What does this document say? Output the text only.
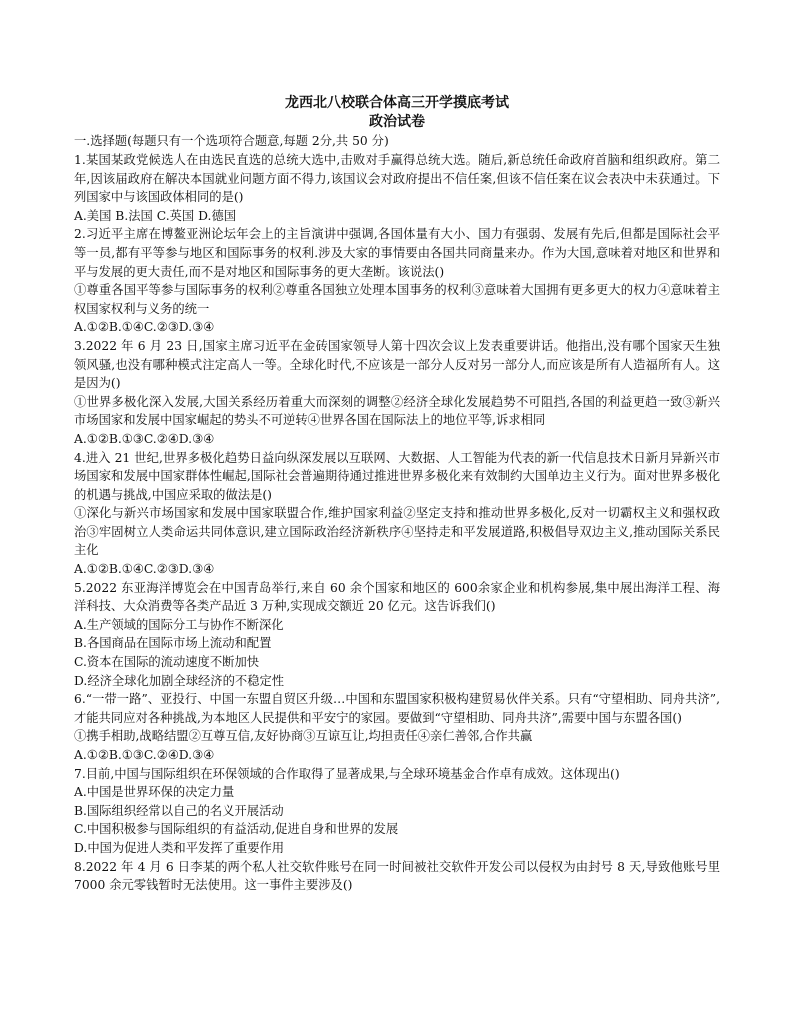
龙西北八校联合体高三开学摸底考试

政治试卷

一.选择题(每题只有一个选项符合题意,每题 2分,共 50 分)

1.某国某政党候选人在由选民直选的总统大选中,击败对手赢得总统大选。随后,新总统任命政府首脑和组织政府。第二年,因该届政府在解决本国就业问题方面不得力,该国议会对政府提出不信任案,但该不信任案在议会表决中未获通过。下列国家中与该国政体相同的是()

A.美国 B.法国 C.英国 D.德国

2.习近平主席在博鳌亚洲论坛年会上的主旨演讲中强调,各国体量有大小、国力有强弱、发展有先后,但都是国际社会平等一员,都有平等参与地区和国际事务的权利.涉及大家的事情要由各国共同商量来办。作为大国,意味着对地区和世界和平与发展的更大责任,而不是对地区和国际事务的更大垄断。该说法()

①尊重各国平等参与国际事务的权利②尊重各国独立处理本国事务的权利③意味着大国拥有更多更大的权力④意味着主权国家权利与义务的统一

A.①②B.①④C.②③D.③④

3.2022 年 6 月 23 日,国家主席习近平在金砖国家领导人第十四次会议上发表重要讲话。他指出,没有哪个国家天生独领风骚,也没有哪种模式注定高人一等。全球化时代,不应该是一部分人反对另一部分人,而应该是所有人造福所有人。这是因为()

①世界多极化深入发展,大国关系经历着重大而深刻的调整②经济全球化发展趋势不可阻挡,各国的利益更趋一致③新兴市场国家和发展中国家崛起的势头不可逆转④世界各国在国际法上的地位平等,诉求相同

A.①②B.①③C.②④D.③④

4.进入 21 世纪,世界多极化趋势日益向纵深发展以互联网、大数据、人工智能为代表的新一代信息技术日新月异新兴市场国家和发展中国家群体性崛起,国际社会普遍期待通过推进世界多极化来有效制约大国单边主义行为。面对世界多极化的机遇与挑战,中国应采取的做法是()

①深化与新兴市场国家和发展中国家联盟合作,维护国家利益②坚定支持和推动世界多极化,反对一切霸权主义和强权政治③牢固树立人类命运共同体意识,建立国际政治经济新秩序④坚持走和平发展道路,积极倡导双边主义,推动国际关系民主化

A.①②B.①④C.②③D.③④

5.2022 东亚海洋博览会在中国青岛举行,来自 60 余个国家和地区的 600余家企业和机构参展,集中展出海洋工程、海洋科技、大众消费等各类产品近 3 万种,实现成交额近 20 亿元。这告诉我们()

A.生产领域的国际分工与协作不断深化

B.各国商品在国际市场上流动和配置

C.资本在国际的流动速度不断加快

D.经济全球化加剧全球经济的不稳定性

6.“一带一路”、亚投行、中国一东盟自贸区升级…中国和东盟国家积极构建贸易伙伴关系。只有“守望相助、同舟共济”,才能共同应对各种挑战,为本地区人民提供和平安宁的家园。要做到“守望相助、同舟共济”,需要中国与东盟各国()

①携手相助,战略结盟②互尊互信,友好协商③互谅互让,均担责任④亲仁善邻,合作共赢

A.①②B.①③C.②④D.③④

7.目前,中国与国际组织在环保领域的合作取得了显著成果,与全球环境基金合作卓有成效。这体现出()

A.中国是世界环保的决定力量

B.国际组织经常以自己的名义开展活动

C.中国积极参与国际组织的有益活动,促进自身和世界的发展

D.中国为促进人类和平发挥了重要作用

8.2022 年 4 月 6 日李某的两个私人社交软件账号在同一时间被社交软件开发公司以侵权为由封号 8 天,导致他账号里 7000 余元零钱暂时无法使用。这一事件主要涉及()
